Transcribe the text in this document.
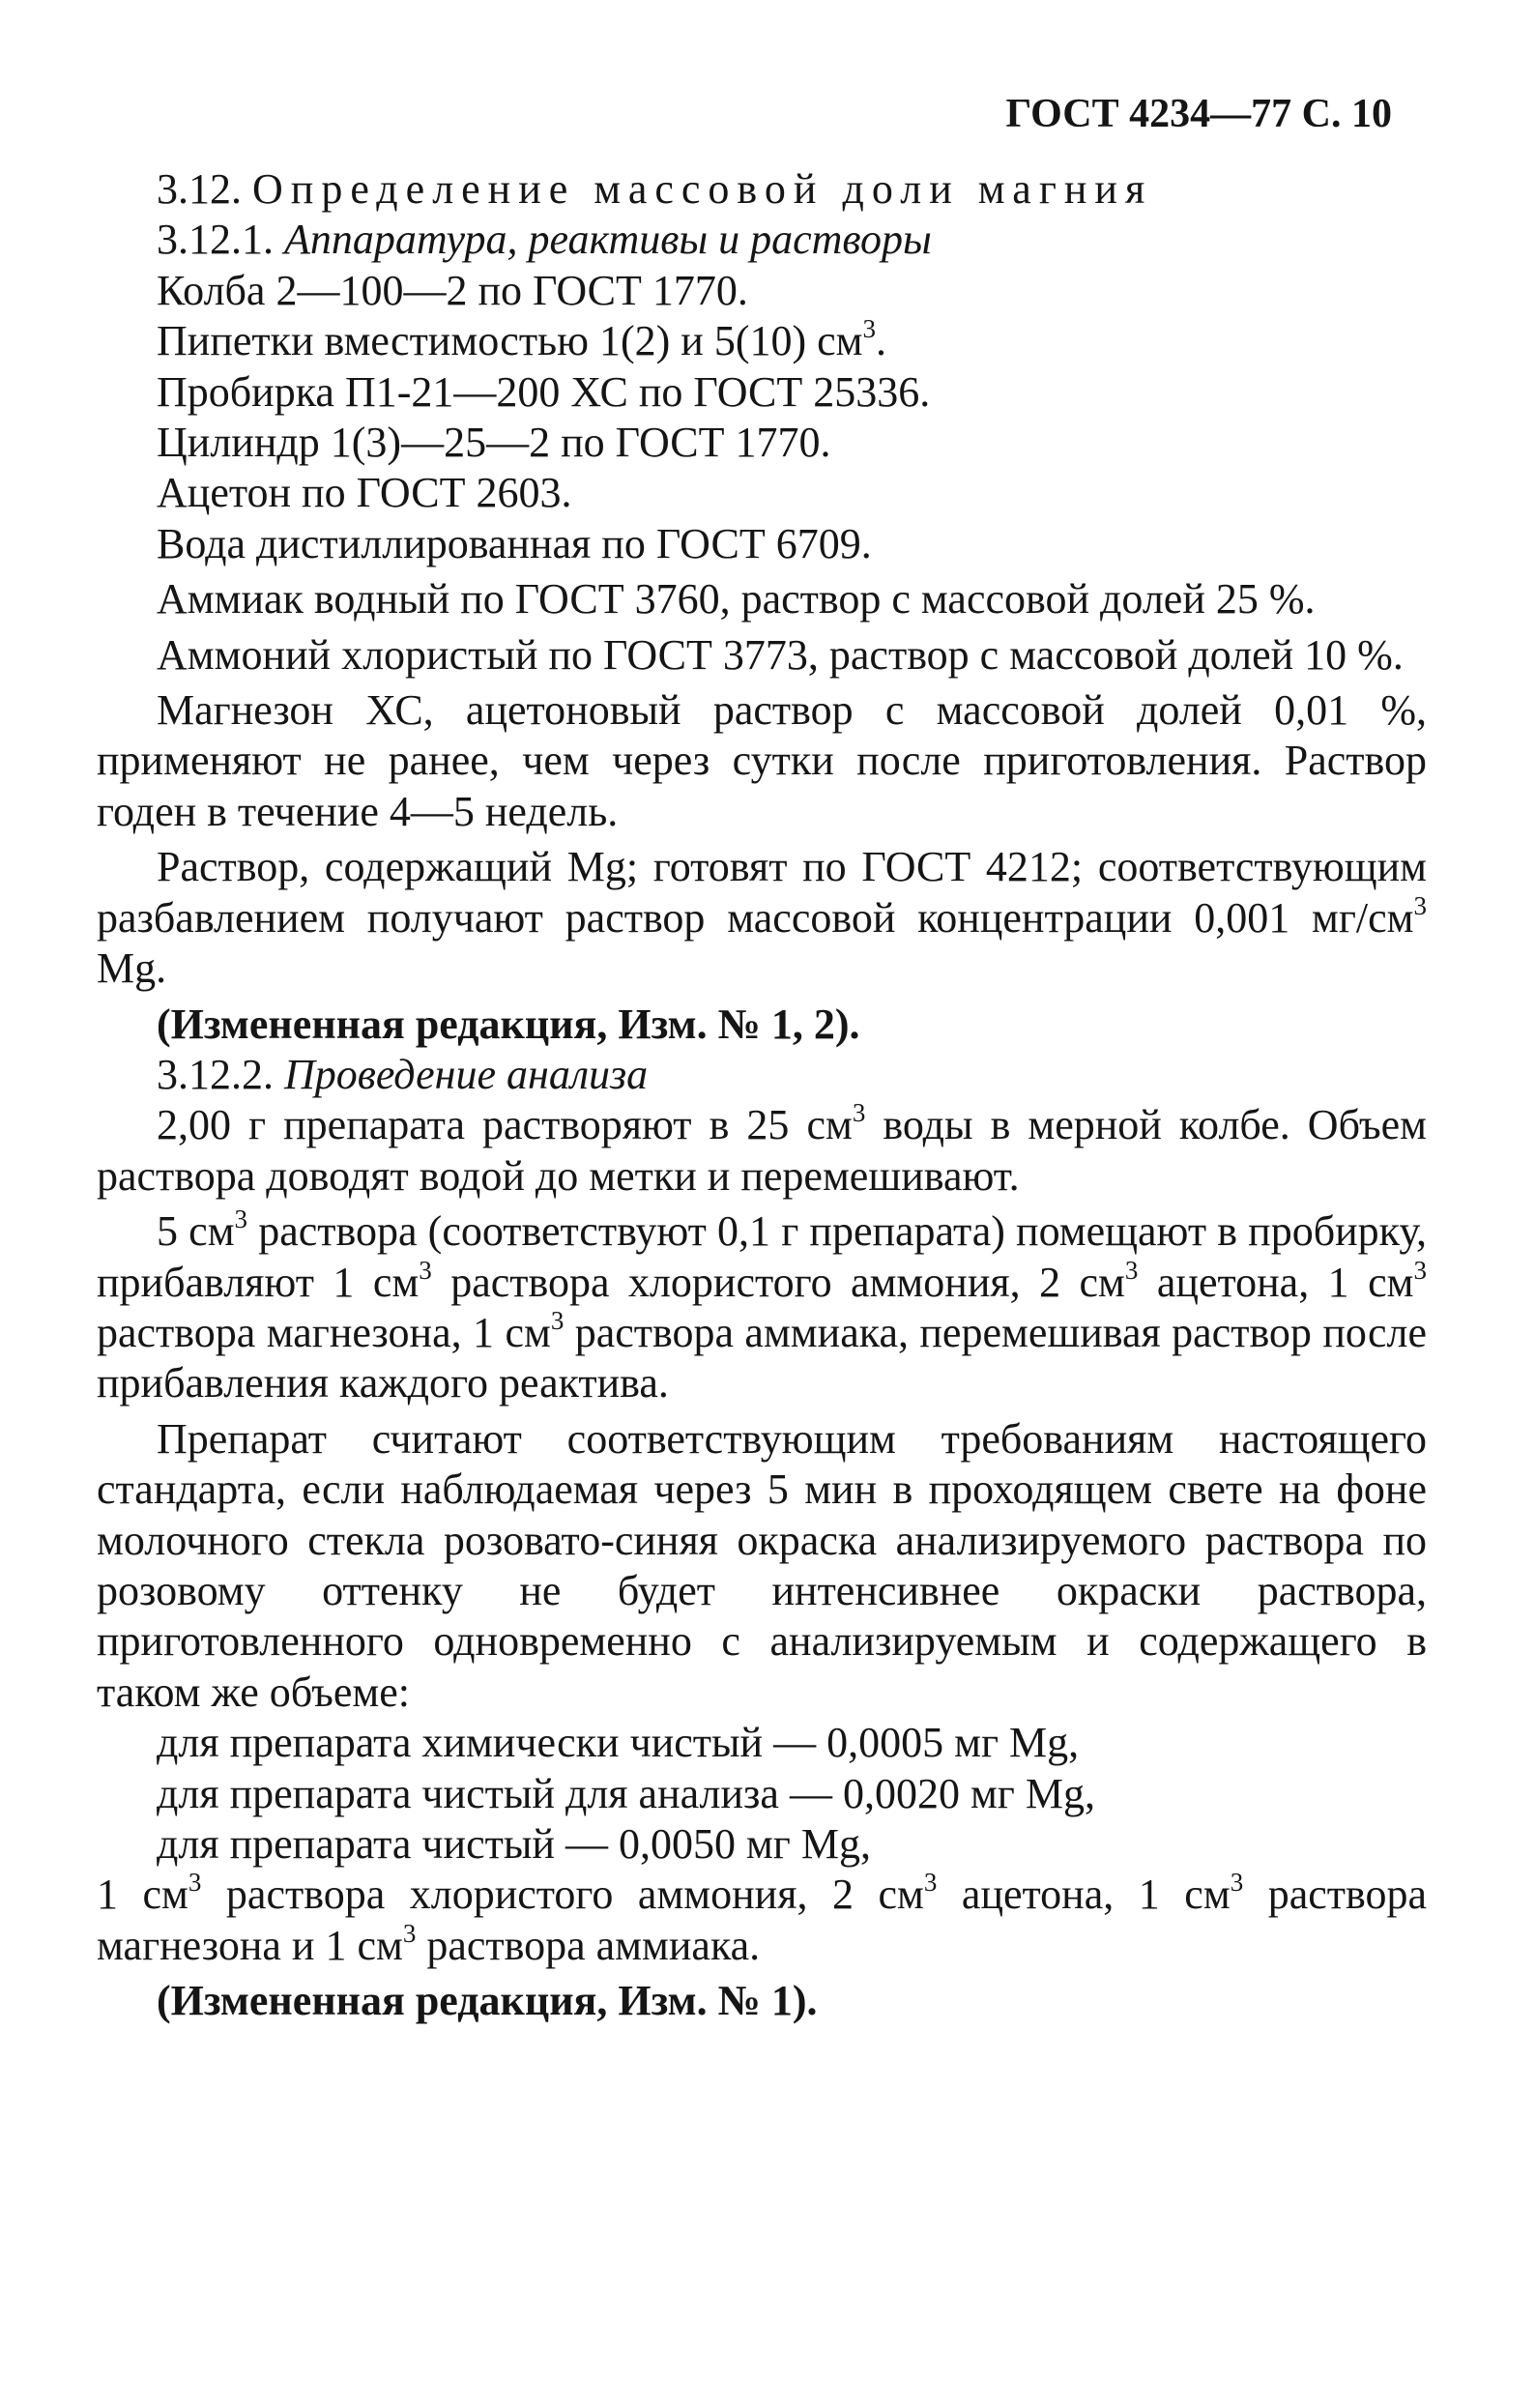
ГОСТ 4234—77 С. 10

3.12. Определение массовой доли магния

3.12.1. Аппаратура, реактивы и растворы

Колба 2—100—2 по ГОСТ 1770.

Пипетки вместимостью 1(2) и 5(10) $см^3$.

Пробирка П1-21—200 ХС по ГОСТ 25336.

Цилиндр 1(3)—25—2 по ГОСТ 1770.

Ацетон по ГОСТ 2603.

Вода дистиллированная по ГОСТ 6709.

Аммиак водный по ГОСТ 3760, раствор с массовой долей 25 %.

Аммоний хлористый по ГОСТ 3773, раствор с массовой долей 10 %.

Магнезон ХС, ацетоновый раствор с массовой долей 0,01 %, применяют не ранее, чем через сутки после приготовления. Раствор годен в течение 4—5 недель.

Раствор, содержащий Mg; готовят по ГОСТ 4212; соответствующим разбавлением получают раствор массовой концентрации 0,001 $мг/см^3$ Mg.

(Измененная редакция, Изм. № 1, 2).

3.12.2. Проведение анализа

2,00 г препарата растворяют в 25 $см^3$ воды в мерной колбе. Объем раствора доводят водой до метки и перемешивают.

5 $см^3$ раствора (соответствуют 0,1 г препарата) помещают в пробирку, прибавляют 1 $см^3$ раствора хлористого аммония, 2 $см^3$ ацетона, 1 $см^3$ раствора магнезона, 1 $см^3$ раствора аммиака, перемешивая раствор после прибавления каждого реактива.

Препарат считают соответствующим требованиям настоящего стандарта, если наблюдаемая через 5 мин в проходящем свете на фоне молочного стекла розовато-синяя окраска анализируемого раствора по розовому оттенку не будет интенсивнее окраски раствора, приготовленного одновременно с анализируемым и содержащего в таком же объеме:

для препарата химически чистый — 0,0005 мг Mg,

для препарата чистый для анализа — 0,0020 мг Mg,

для препарата чистый — 0,0050 мг Mg,

1 $см^3$ раствора хлористого аммония, 2 $см^3$ ацетона, 1 $см^3$ раствора магнезона и 1 $см^3$ раствора аммиака.

(Измененная редакция, Изм. № 1).
